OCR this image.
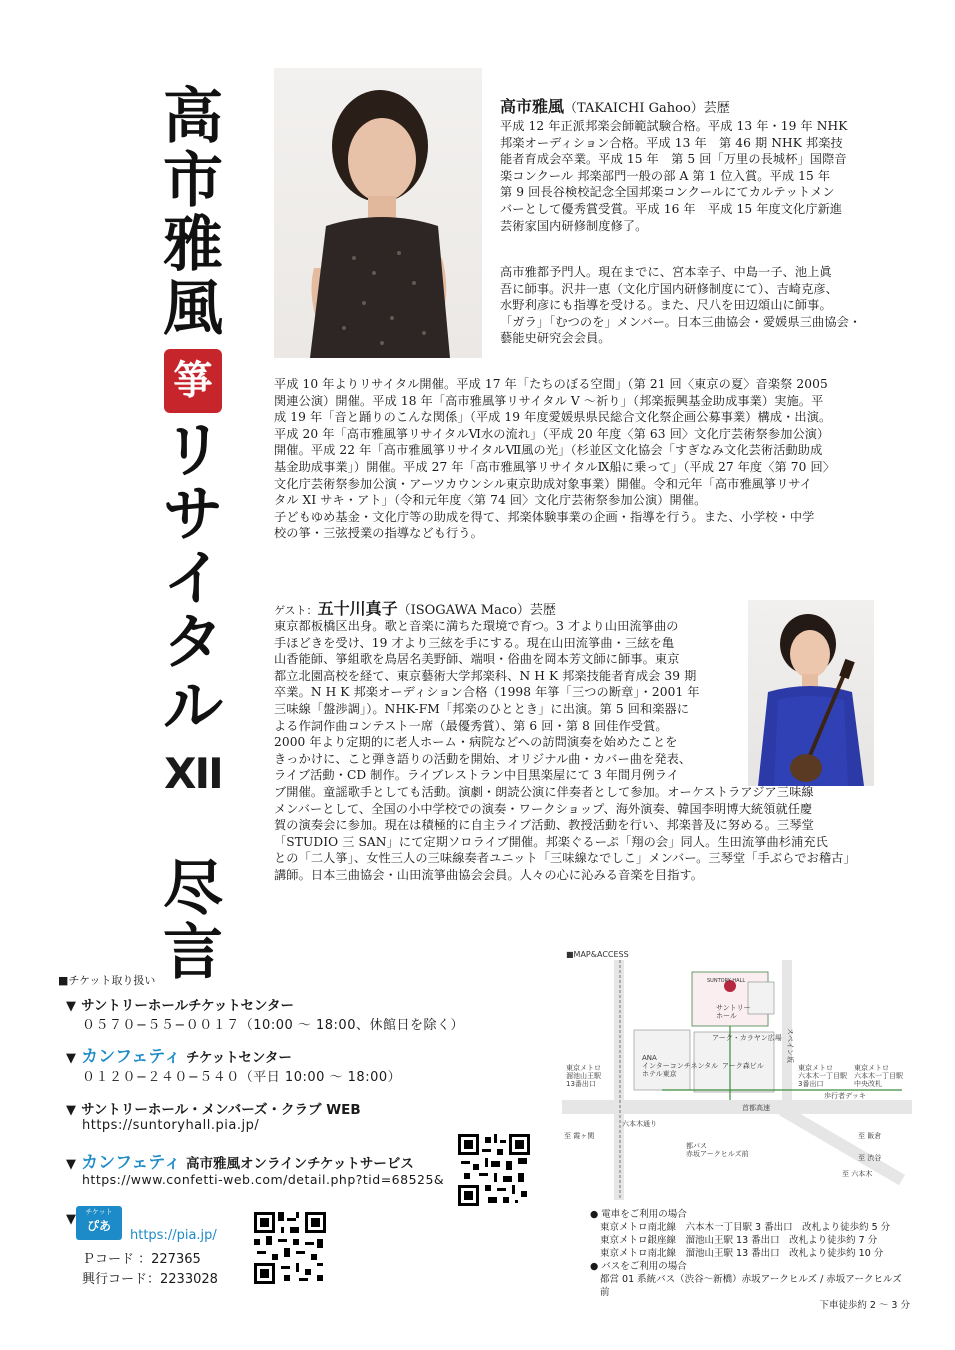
高
市
雅
風
箏
リ
サ
イ
タ
ル
XII
尽
言
高市雅風（TAKAICHI Gahoo）芸歴
平成 12 年正派邦楽会師範試験合格。平成 13 年・19 年 NHK
邦楽オーディション合格。平成 13 年　第 46 期 NHK 邦楽技
能者育成会卒業。平成 15 年　第 5 回「万里の長城杯」国際音
楽コンクール 邦楽部門一般の部 A 第 1 位入賞。平成 15 年
第 9 回長谷検校記念全国邦楽コンクールにてカルテットメン
バーとして優秀賞受賞。平成 16 年　平成 15 年度文化庁新進
芸術家国内研修制度修了。
高市雅都予門人。現在までに、宮本幸子、中島一子、池上眞
吾に師事。沢井一恵（文化庁国内研修制度にて）、吉崎克彦、
水野利彦にも指導を受ける。また、尺八を田辺頌山に師事。
「ガラ」「むつのを」メンバー。日本三曲協会・愛媛県三曲協会・
藝能史研究会会員。
平成 10 年よりリサイタル開催。平成 17 年「たちのぼる空間」（第 21 回〈東京の夏〉音楽祭 2005
関連公演）開催。平成 18 年「高市雅風箏リサイタル V 〜祈り」（邦楽振興基金助成事業）実施。平
成 19 年「音と踊りのこんな関係」（平成 19 年度愛媛県県民総合文化祭企画公募事業）構成・出演。
平成 20 年「高市雅風箏リサイタルⅥ水の流れ」（平成 20 年度〈第 63 回〉文化庁芸術祭参加公演）
開催。平成 22 年「高市雅風箏リサイタルⅦ風の光」（杉並区文化協会「すぎなみ文化芸術活動助成
基金助成事業」）開催。平成 27 年「高市雅風箏リサイタルⅨ船に乗って」（平成 27 年度〈第 70 回〉
文化庁芸術祭参加公演・アーツカウンシル東京助成対象事業）開催。令和元年「高市雅風箏リサイ
タル XI サキ・アト」（令和元年度〈第 74 回〉文化庁芸術祭参加公演）開催。
子どもゆめ基金・文化庁等の助成を得て、邦楽体験事業の企画・指導を行う。また、小学校・中学
校の箏・三弦授業の指導なども行う。
ゲスト：五十川真子（ISOGAWA Maco）芸歴
東京都板橋区出身。歌と音楽に満ちた環境で育つ。3 才より山田流箏曲の
手ほどきを受け、19 才より三絃を手にする。現在山田流箏曲・三絃を亀
山香能師、箏組歌を鳥居名美野師、端唄・俗曲を岡本芳文師に師事。東京
都立北園高校を経て、東京藝術大学邦楽科、N H K 邦楽技能者育成会 39 期
卒業。N H K 邦楽オーディション合格（1998 年箏「三つの断章」・2001 年
三味線「盤渉調」）。NHK-FM「邦楽のひととき」に出演。第 5 回和楽器に
よる作詞作曲コンテスト一席（最優秀賞）、第 6 回・第 8 回佳作受賞。
2000 年より定期的に老人ホーム・病院などへの訪問演奏を始めたことを
きっかけに、こと弾き語りの活動を開始、オリジナル曲・カバー曲を発表、
ライブ活動・CD 制作。ライブレストラン中目黒楽屋にて 3 年間月例ライ
ブ開催。童謡歌手としても活動。演劇・朗読公演に伴奏者として参加。オーケストラアジア三味線
メンバーとして、全国の小中学校での演奏・ワークショップ、海外演奏、韓国李明博大統領就任慶
賀の演奏会に参加。現在は積極的に自主ライブ活動、教授活動を行い、邦楽普及に努める。三琴堂
「STUDIO 三 SAN」にて定期ソロライブ開催。邦楽ぐるーぷ「翔の会」同人。生田流箏曲杉浦充氏
との「二人箏」、女性三人の三味線奏者ユニット「三味線なでしこ」メンバー。三琴堂「手ぶらでお稽古」
講師。日本三曲協会・山田流箏曲協会会員。人々の心に沁みる音楽を目指す。
■チケット取り扱い
▼ サントリーホールチケットセンター
０５７０−５５−００１７（10:00 〜 18:00、休館日を除く）
▼ カンフェティ チケットセンター
０１２０−２４０−５４０（平日 10:00 〜 18:00）
▼ サントリーホール・メンバーズ・クラブ WEB
https://suntoryhall.pia.jp/
▼ カンフェティ 高市雅風オンラインチケットサービス
https://www.confetti-web.com/detail.php?tid=68525&
▼	チケット
ぴあ
https://pia.jp/
Ｐコード ：227365
興行コード：2233028
■MAP&ACCESS
サントリーホール
SUNTORY HALL
ANA インターコンチネンタルホテル東京
アーク・カラヤン広場
アーク森ビル
スペイン坂
東京メトロ溜池山王駅 13番出口
東京メトロ六本木一丁目駅 3番出口
東京メトロ六本木一丁目駅中央改札
歩行者デッキ
六本木通り
首都高速
都バス赤坂アークヒルズ前
至 霞ヶ関	至 飯倉
至 渋谷
至 六本木
● 電車をご利用の場合
東京メトロ南北線　六本木一丁目駅 3 番出口　改札より徒歩約 5 分
東京メトロ銀座線　溜池山王駅 13 番出口　改札より徒歩約 7 分
東京メトロ南北線　溜池山王駅 13 番出口　改札より徒歩約 10 分
● バスをご利用の場合
都営 01 系統バス（渋谷〜新橋）赤坂アークヒルズ / 赤坂アークヒルズ前
下車徒歩約 2 〜 3 分
